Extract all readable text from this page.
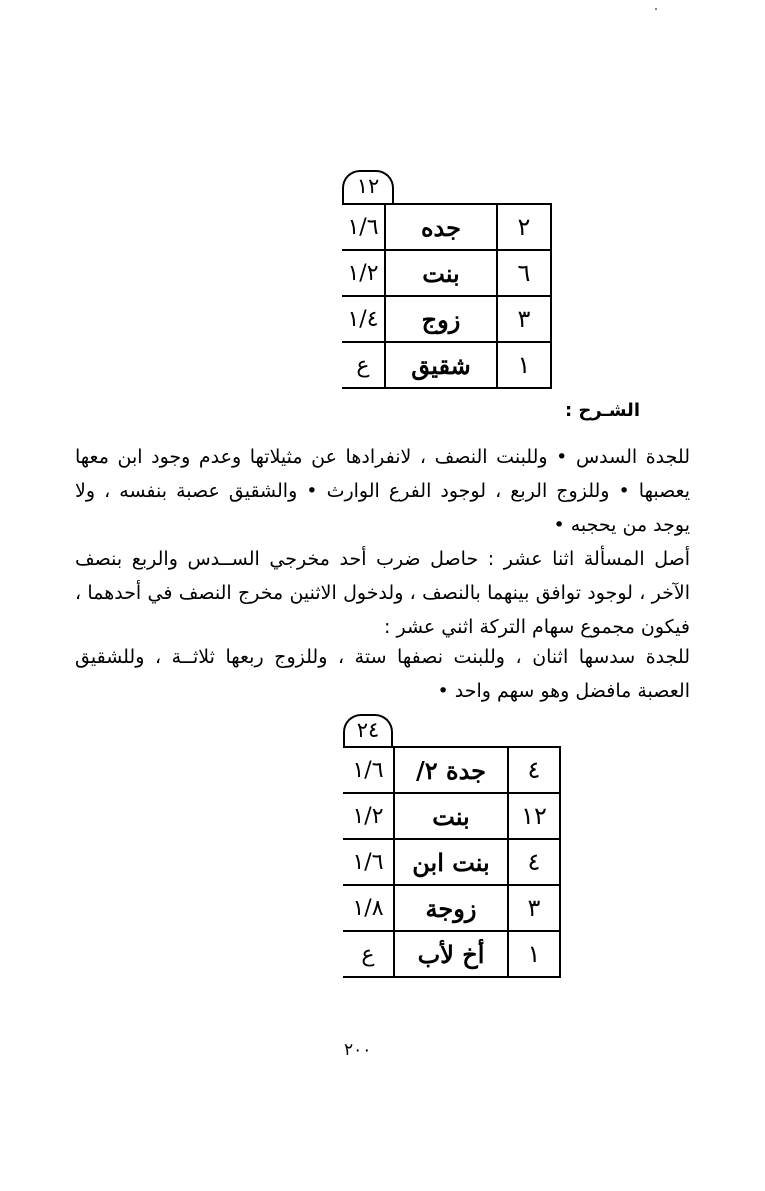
١٢
٢	جده	١/٦
٦	بنت	١/٢
٣	زوج	١/٤
١	شقيق	ع
الشـرح :
للجدة السدس • وللبنت النصف ، لانفرادها عن مثيلاتها وعدم وجود ابن معها يعصبها • وللزوج الربع ، لوجود الفرع الوارث • والشقيق عصبة بنفسه ، ولا يوجد من يحجبه •
أصل المسألة اثنا عشر : حاصل ضرب أحد مخرجي الســدس والربع بنصف الآخر ، لوجود توافق بينهما بالنصف ، ولدخول الاثنين مخرج النصف في أحدهما ، فيكون مجموع سهام التركة اثني عشر :
للجدة سدسها اثنان ، وللبنت نصفها ستة ، وللزوج ربعها ثلاثــة ، وللشقيق العصبة مافضل وهو سهم واحد •
٢٤
٤	جدة ٢/	١/٦
١٢	بنت	١/٢
٤	بنت ابن	١/٦
٣	زوجة	١/٨
١	أخ لأب	ع
٢٠٠
